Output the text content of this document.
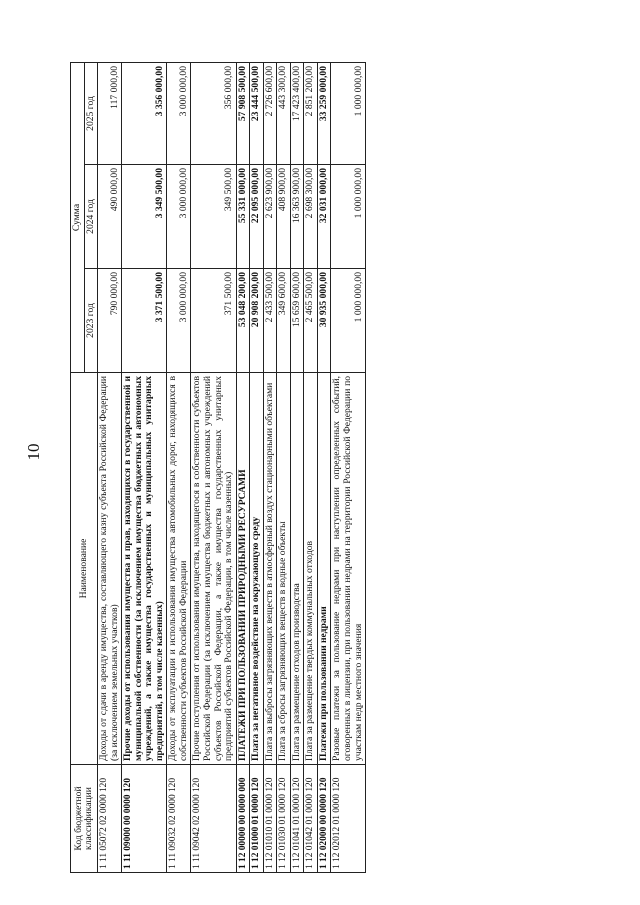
10
Код бюджетной классификации	Наименование	Сумма		
		2023 год	2024 год	2025 год
1 11 05072 02 0000 120	Доходы от сдачи в аренду имущества, составляющего казну субъекта Российской Федерации (за исключением земельных участков)	790 000,00	490 000,00	117 000,00
1 11 09000 00 0000 120	Прочие доходы от использования имущества и прав, находящихся в государственной и муниципальной собственности (за исключением имущества бюджетных и автономных учреждений, а также имущества государственных и муниципальных унитарных предприятий, в том числе казенных)	3 371 500,00	3 349 500,00	3 356 000,00
1 11 09032 02 0000 120	Доходы от эксплуатации и использования имущества автомобильных дорог, находящихся в собственности субъектов Российской Федерации	3 000 000,00	3 000 000,00	3 000 000,00
1 11 09042 02 0000 120	Прочие поступления от использования имущества, находящегося в собственности субъектов Российской Федерации (за исключением имущества бюджетных и автономных учреждений субъектов Российской Федерации, а также имущества государственных унитарных предприятий субъектов Российской Федерации, в том числе казенных)	371 500,00	349 500,00	356 000,00
1 12 00000 00 0000 000	ПЛАТЕЖИ ПРИ ПОЛЬЗОВАНИИ ПРИРОДНЫМИ РЕСУРСАМИ	53 048 200,00	55 331 000,00	57 908 500,00
1 12 01000 01 0000 120	Плата за негативное воздействие на окружающую среду	20 908 200,00	22 095 000,00	23 444 500,00
1 12 01010 01 0000 120	Плата за выбросы загрязняющих веществ в атмосферный воздух стационарными объектами	2 433 500,00	2 623 900,00	2 726 600,00
1 12 01030 01 0000 120	Плата за сбросы загрязняющих веществ в водные объекты	349 600,00	408 900,00	443 300,00
1 12 01041 01 0000 120	Плата за размещение отходов производства	15 659 600,00	16 363 900,00	17 423 400,00
1 12 01042 01 0000 120	Плата за размещение твердых коммунальных отходов	2 465 500,00	2 698 300,00	2 851 200,00
1 12 02000 00 0000 120	Платежи при пользовании недрами	30 935 000,00	32 031 000,00	33 259 000,00
1 12 02012 01 0000 120	Разовые платежи за пользование недрами при наступлении определенных событий, оговоренных в лицензии, при пользовании недрами на территории Российской Федерации по участкам недр местного значения	1 000 000,00	1 000 000,00	1 000 000,00
